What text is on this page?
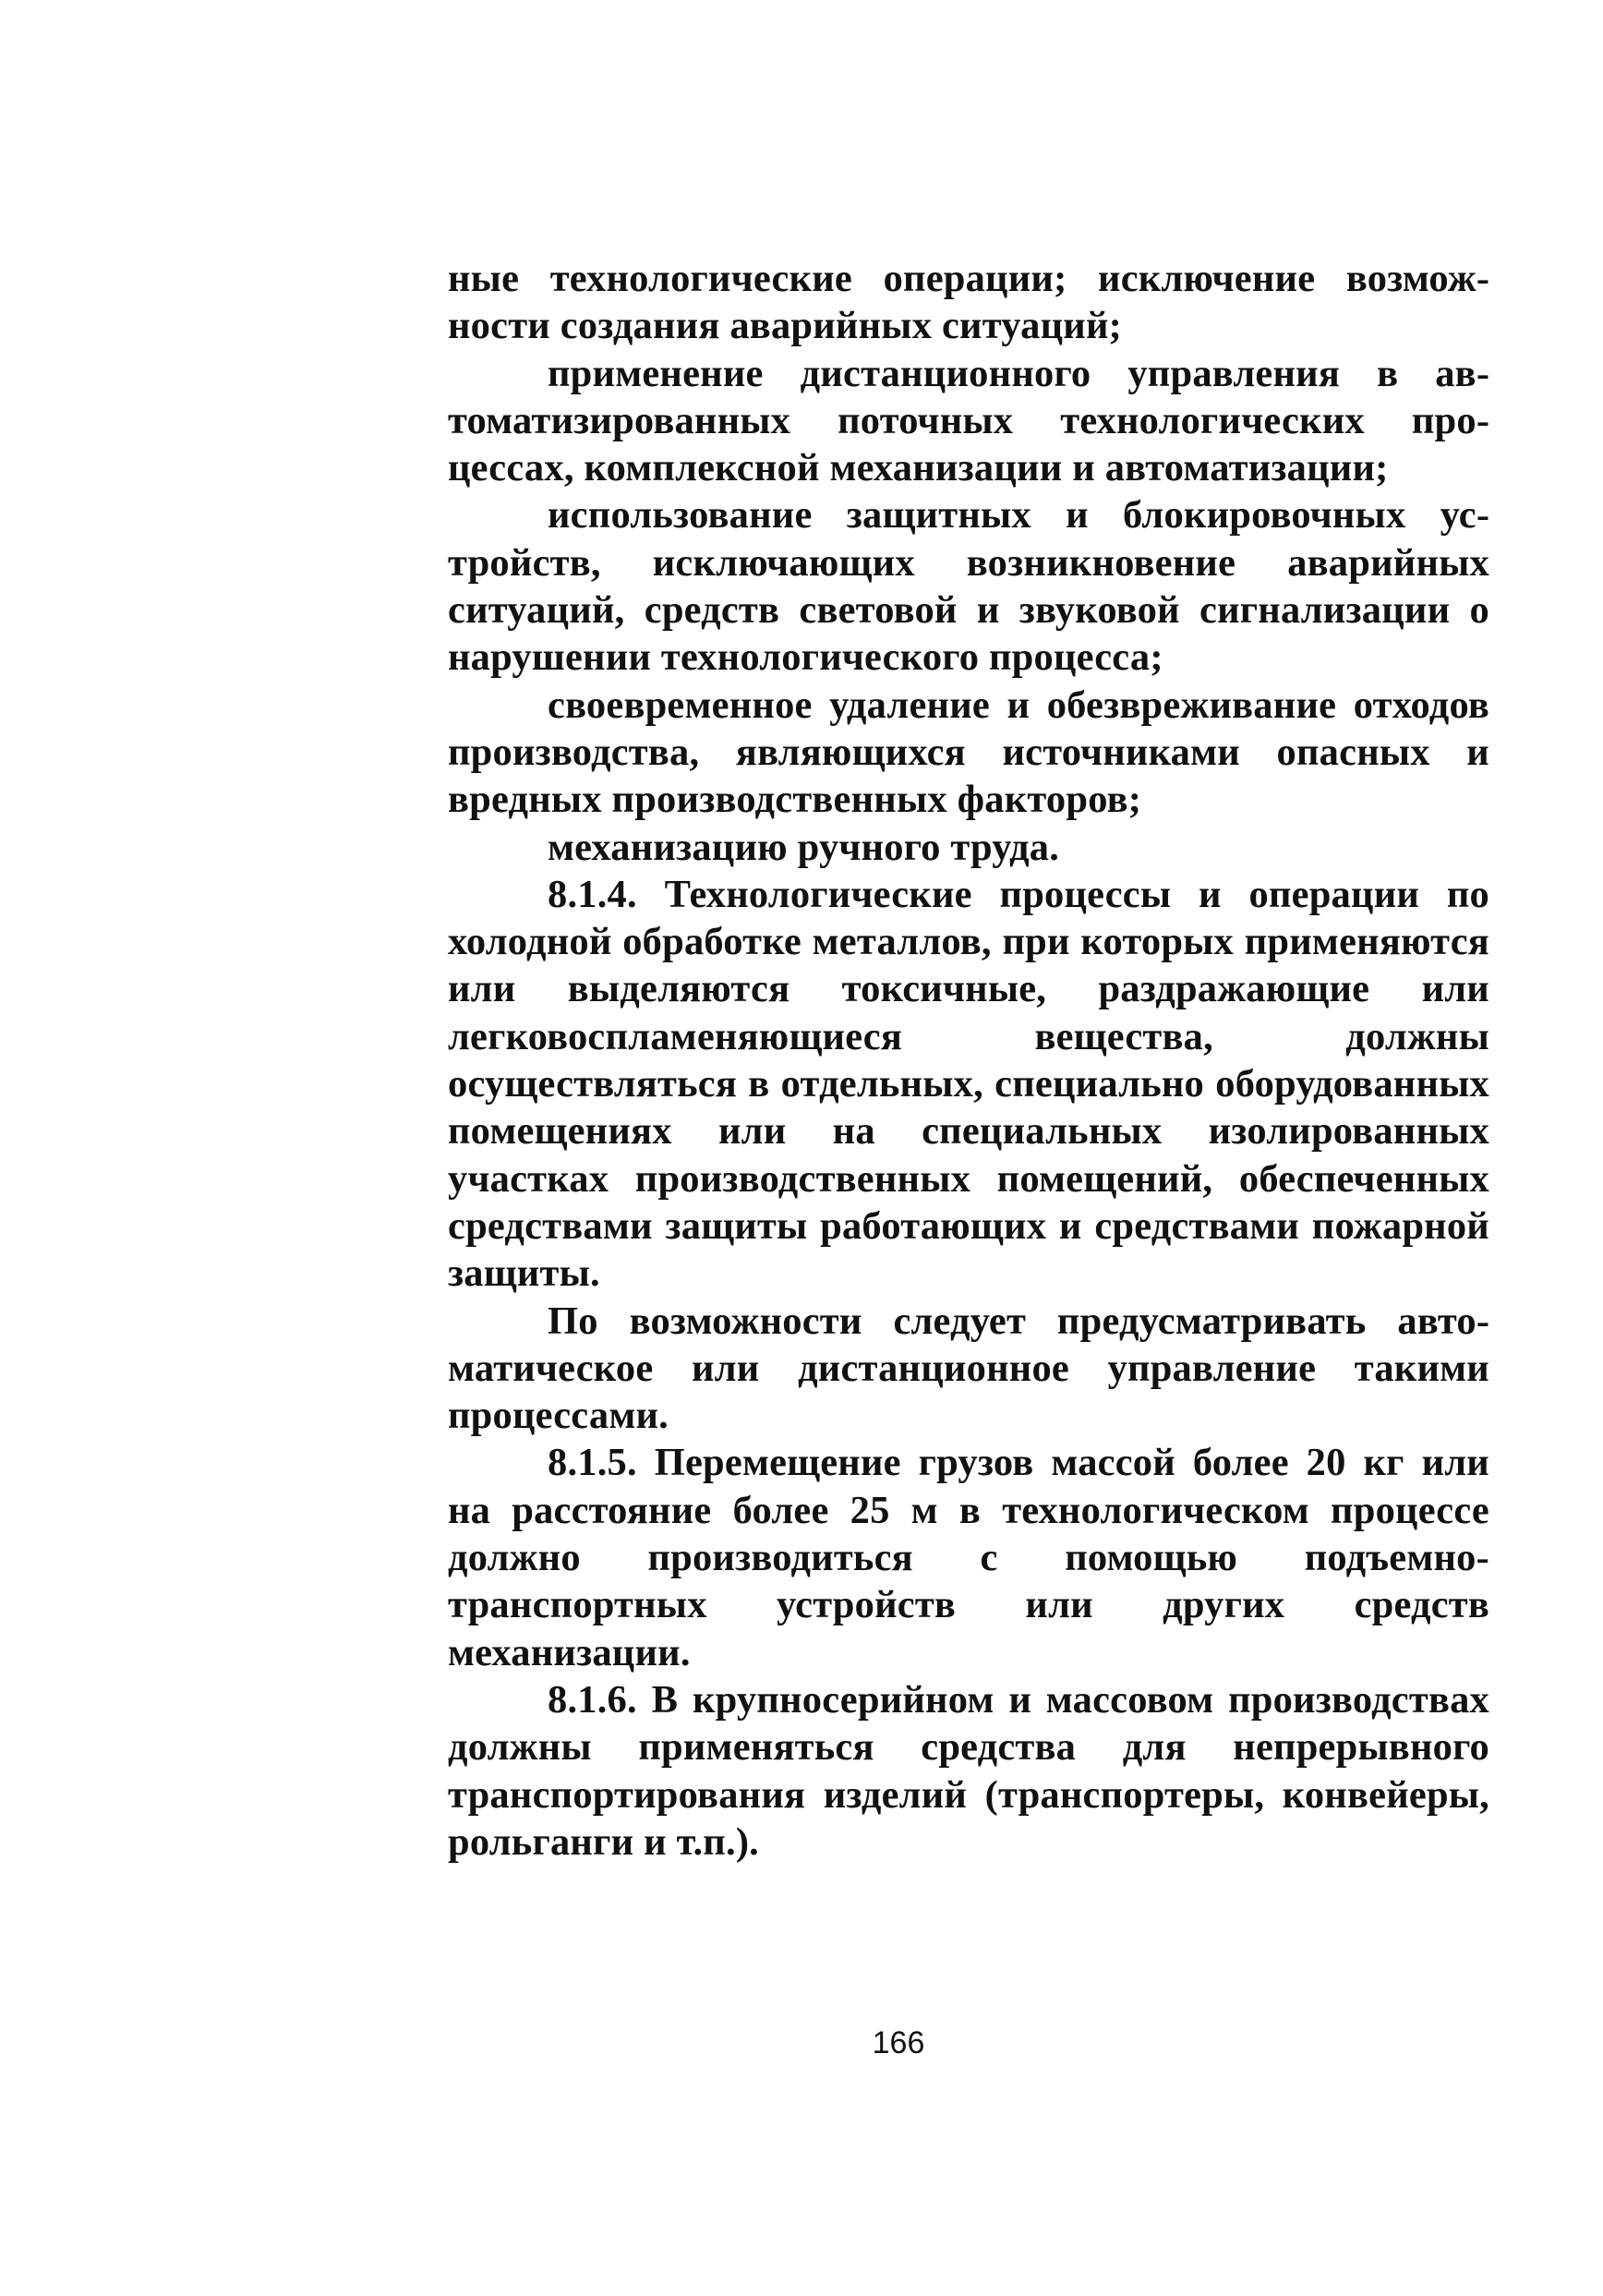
ные технологические операции; исключение возможности создания аварийных ситуаций;

применение дистанционного управления в автоматизированных поточных технологических процессах, комплексной механизации и автоматизации;

использование защитных и блокировочных устройств, исключающих возникновение аварийных ситуаций, средств световой и звуковой сигнализации о нарушении технологического процесса;

своевременное удаление и обезвреживание отходов производства, являющихся источниками опасных и вредных производственных факторов;

механизацию ручного труда.

8.1.4. Технологические процессы и операции по холодной обработке металлов, при которых применяются или выделяются токсичные, раздражающие или легковоспламеняющиеся вещества, должны осуществляться в отдельных, специально оборудованных помещениях или на специальных изолированных участках производственных помещений, обеспеченных средствами защиты работающих и средствами пожарной защиты.

По возможности следует предусматривать автоматическое или дистанционное управление такими процессами.

8.1.5. Перемещение грузов массой более 20 кг или на расстояние более 25 м в технологическом процессе должно производиться с помощью подъемно-транспортных устройств или других средств механизации.

8.1.6. В крупносерийном и массовом производствах должны применяться средства для непрерывного транспортирования изделий (транспортеры, конвейеры, рольганги и т.п.).

166
